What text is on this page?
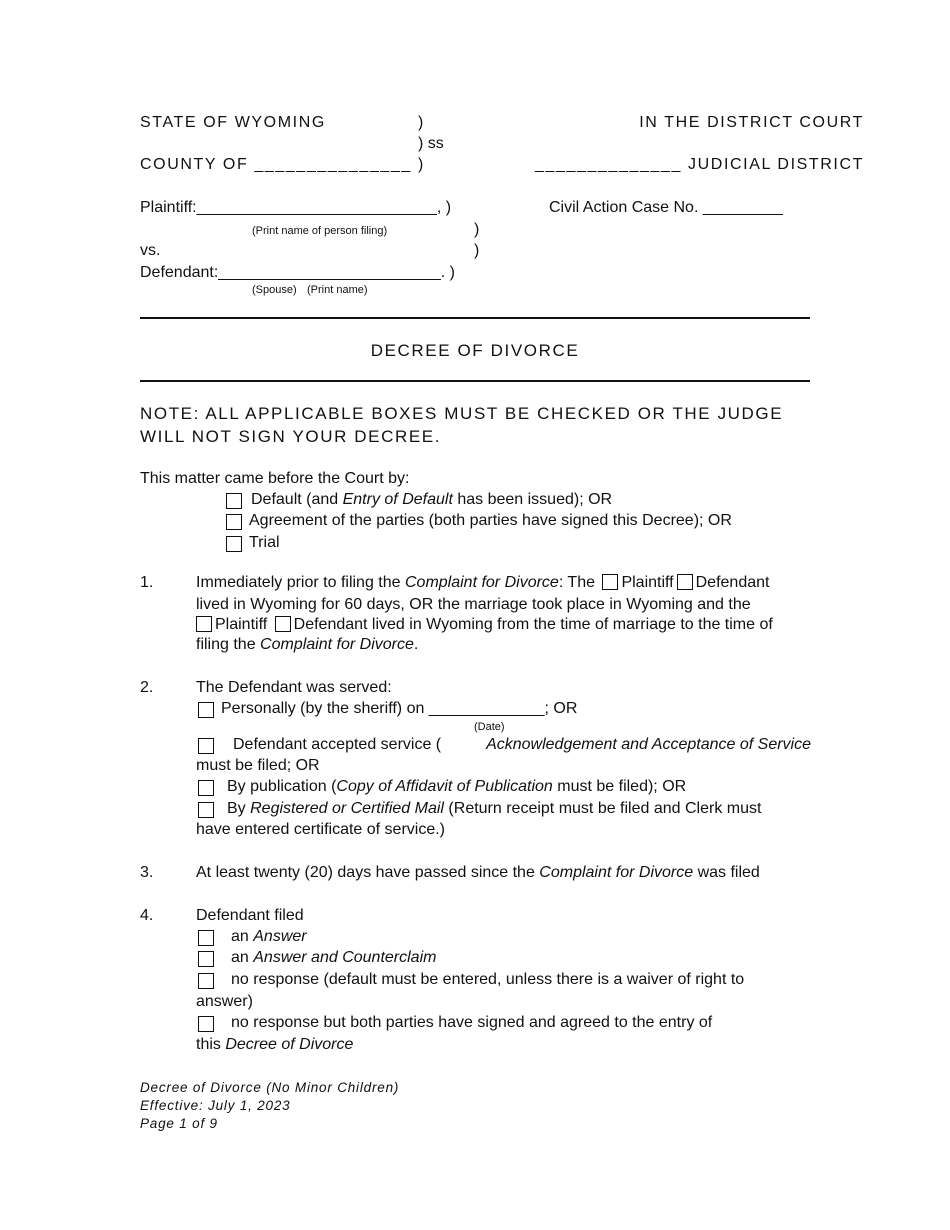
STATE OF WYOMING	)
) ss
COUNTY OF _______________ )
IN THE DISTRICT COURT
______________ JUDICIAL DISTRICT
Plaintiff:___________________________, )
(Print name of person filing)	)
vs.	)
Defendant:_________________________. )
(Spouse) (Print name)
Civil Action Case No. _________
DECREE OF DIVORCE
NOTE: ALL APPLICABLE BOXES MUST BE CHECKED OR THE JUDGE
WILL NOT SIGN YOUR DECREE.
This matter came before the Court by:
Default (and Entry of Default has been issued); OR
Agreement of the parties (both parties have signed this Decree); OR
Trial
1.	Immediately prior to filing the Complaint for Divorce: The Plaintiff Defendant
lived in Wyoming for 60 days, OR the marriage took place in Wyoming and the
Plaintiff Defendant lived in Wyoming from the time of marriage to the time of
filing the Complaint for Divorce.
2.	The Defendant was served:
Personally (by the sheriff) on _____________; OR
(Date)
Defendant accepted service (	Acknowledgement and Acceptance of Service
must be filed; OR
By publication (Copy of Affidavit of Publication must be filed); OR
By Registered or Certified Mail (Return receipt must be filed and Clerk must
have entered certificate of service.)
3.	At least twenty (20) days have passed since the Complaint for Divorce was filed
4.	Defendant filed
an Answer
an Answer and Counterclaim
no response (default must be entered, unless there is a waiver of right to
answer)
no response but both parties have signed and agreed to the entry of
this Decree of Divorce
Decree of Divorce (No Minor Children)
Effective: July 1, 2023
Page 1 of 9
